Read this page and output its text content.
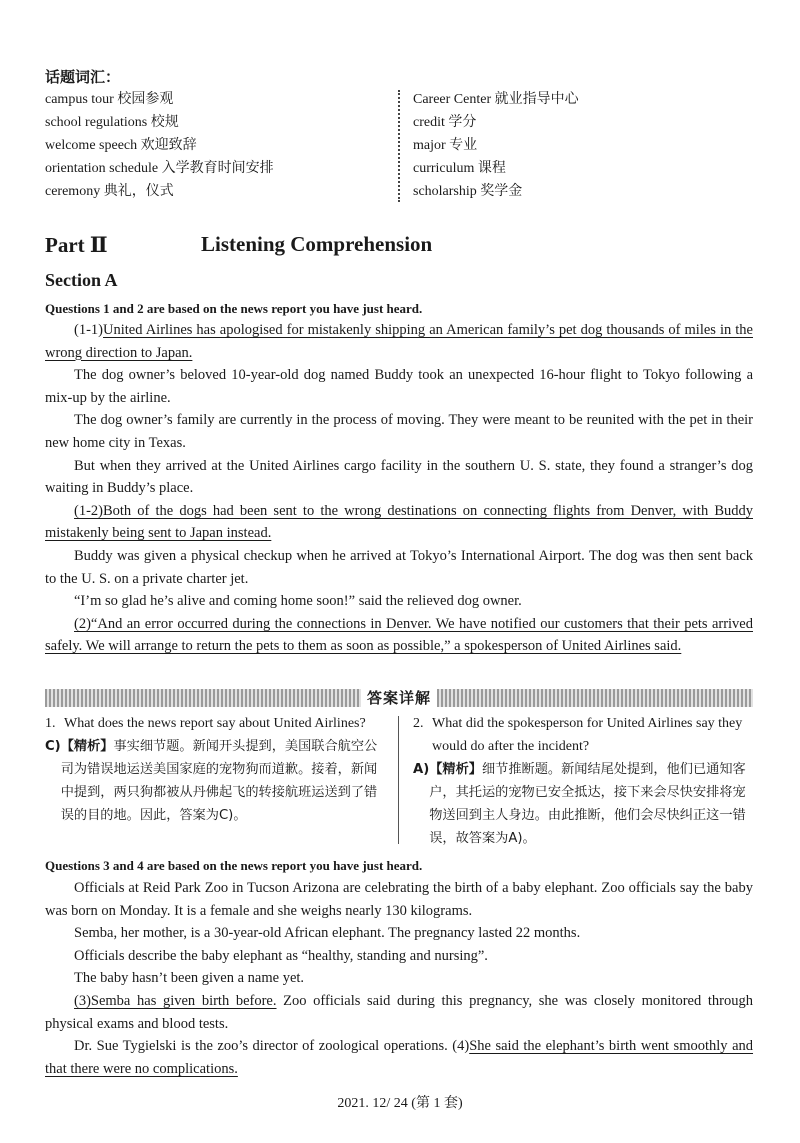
话题词汇：
campus tour 校园参观
school regulations 校规
welcome speech 欢迎致辞
orientation schedule 入学教育时间安排
ceremony 典礼，仪式
Career Center 就业指导中心
credit 学分
major 专业
curriculum 课程
scholarship 奖学金
Part Ⅱ	Listening Comprehension
Section A
Questions 1 and 2 are based on the news report you have just heard.

(1-1)United Airlines has apologised for mistakenly shipping an American family’s pet dog thousands of miles in the wrong direction to Japan.

The dog owner’s beloved 10-year-old dog named Buddy took an unexpected 16-hour flight to Tokyo following a mix-up by the airline.

The dog owner’s family are currently in the process of moving. They were meant to be reunited with the pet in their new home city in Texas.

But when they arrived at the United Airlines cargo facility in the southern U. S. state, they found a stranger’s dog waiting in Buddy’s place.

(1-2)Both of the dogs had been sent to the wrong destinations on connecting flights from Denver, with Buddy mistakenly being sent to Japan instead.

Buddy was given a physical checkup when he arrived at Tokyo’s International Airport. The dog was then sent back to the U. S. on a private charter jet.

“I’m so glad he’s alive and coming home soon!” said the relieved dog owner.

(2)“And an error occurred during the connections in Denver. We have notified our customers that their pets arrived safely. We will arrange to return the pets to them as soon as possible,” a spokesperson of United Airlines said.

答案详解
1. What does the news report say about United Airlines?
C) 【精析】事实细节题。新闻开头提到，美国联合航空公司为错误地运送美国家庭的宠物狗而道歉。接着，新闻中提到，两只狗都被从丹佛起飞的转接航班运送到了错误的目的地。因此，答案为C)。
2. What did the spokesperson for United Airlines say they would do after the incident?
A) 【精析】细节推断题。新闻结尾处提到，他们已通知客户，其托运的宠物已安全抵达，接下来会尽快安排将宠物送回到主人身边。由此推断，他们会尽快纠正这一错误，故答案为A)。
Questions 3 and 4 are based on the news report you have just heard.

Officials at Reid Park Zoo in Tucson Arizona are celebrating the birth of a baby elephant. Zoo officials say the baby was born on Monday. It is a female and she weighs nearly 130 kilograms.

Semba, her mother, is a 30-year-old African elephant. The pregnancy lasted 22 months.

Officials describe the baby elephant as “healthy, standing and nursing”.

The baby hasn’t been given a name yet.

(3)Semba has given birth before. Zoo officials said during this pregnancy, she was closely monitored through physical exams and blood tests.

Dr. Sue Tygielski is the zoo’s director of zoological operations. (4)She said the elephant’s birth went smoothly and that there were no complications.

2021. 12/ 24 (第 1 套)
